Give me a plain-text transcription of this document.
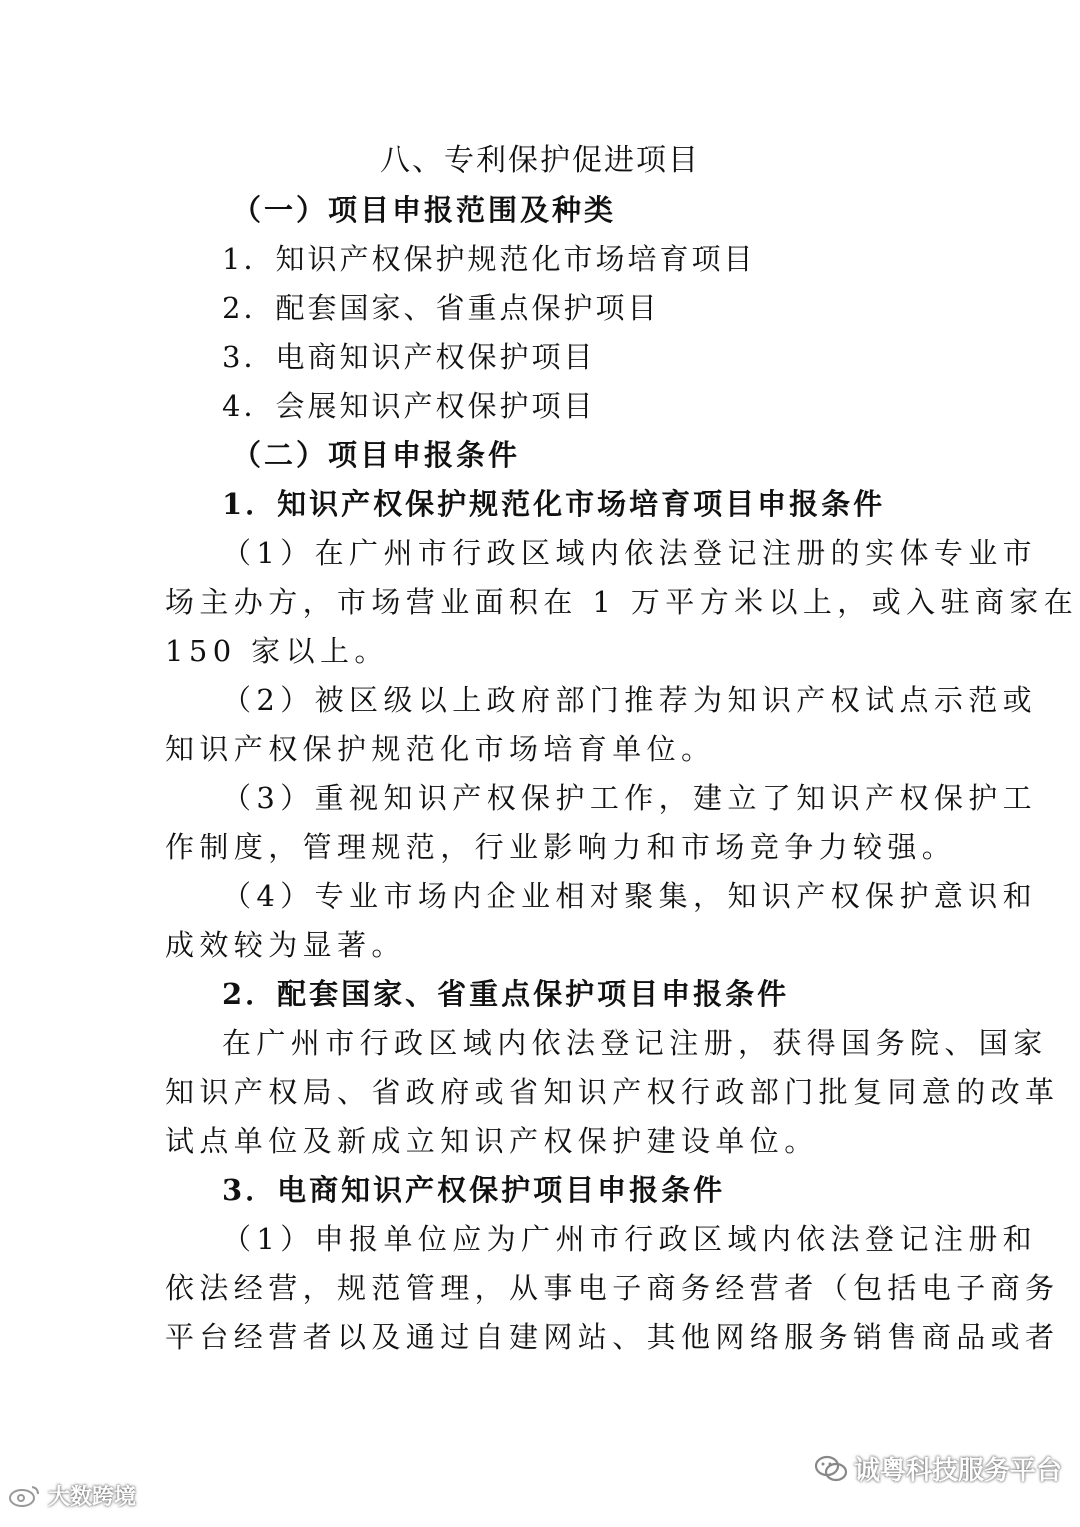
八、专利保护促进项目
（一）项目申报范围及种类
1．知识产权保护规范化市场培育项目
2．配套国家、省重点保护项目
3．电商知识产权保护项目
4．会展知识产权保护项目
（二）项目申报条件
1．知识产权保护规范化市场培育项目申报条件
（1）在广州市行政区域内依法登记注册的实体专业市
场主办方，市场营业面积在 1 万平方米以上，或入驻商家在
150 家以上。
（2）被区级以上政府部门推荐为知识产权试点示范或
知识产权保护规范化市场培育单位。
（3）重视知识产权保护工作，建立了知识产权保护工
作制度，管理规范，行业影响力和市场竞争力较强。
（4）专业市场内企业相对聚集，知识产权保护意识和
成效较为显著。
2．配套国家、省重点保护项目申报条件
在广州市行政区域内依法登记注册，获得国务院、国家
知识产权局、省政府或省知识产权行政部门批复同意的改革
试点单位及新成立知识产权保护建设单位。
3．电商知识产权保护项目申报条件
（1）申报单位应为广州市行政区域内依法登记注册和
依法经营，规范管理，从事电子商务经营者（包括电子商务
平台经营者以及通过自建网站、其他网络服务销售商品或者
诚粤科技服务平台
大数跨境
